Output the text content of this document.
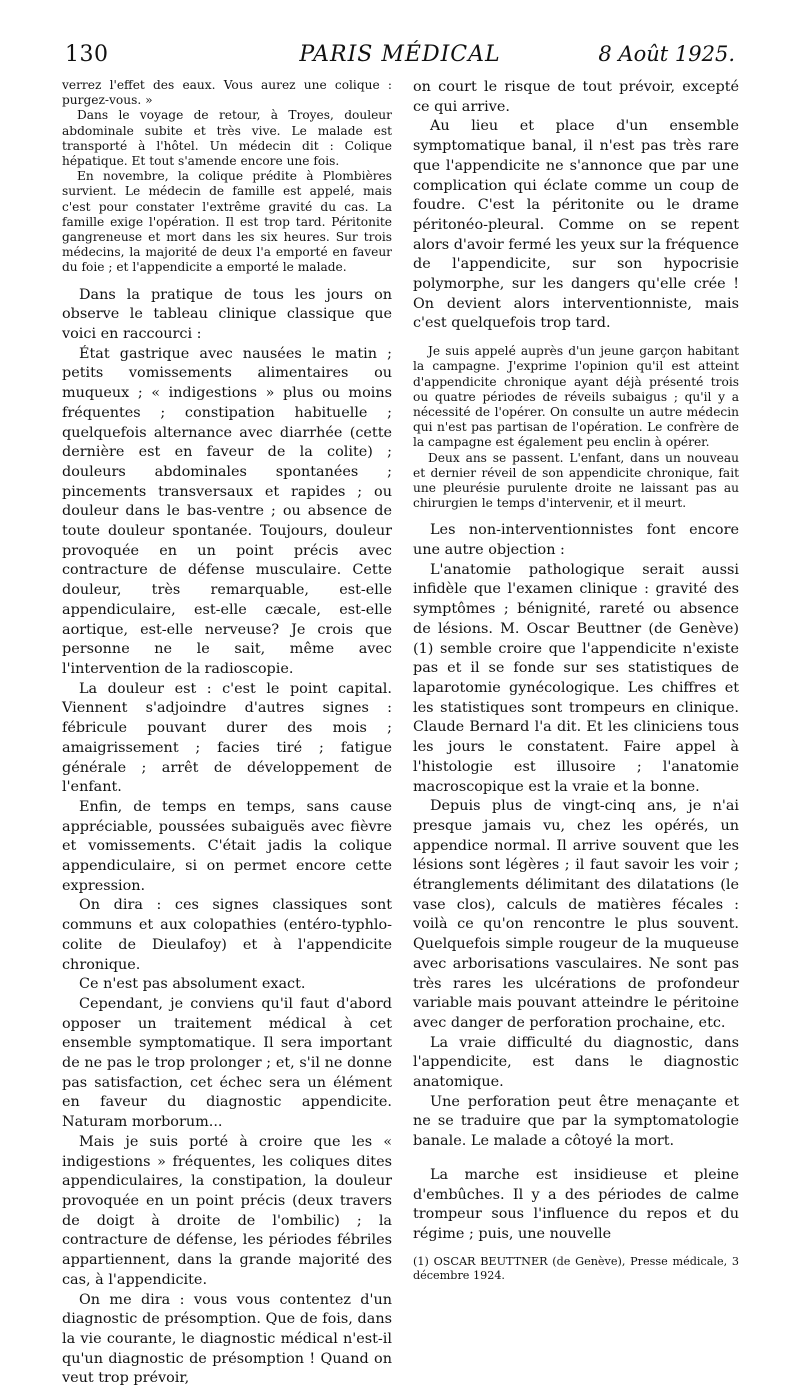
130	PARIS MÉDICAL	8 Août 1925.

verrez l'effet des eaux. Vous aurez une colique : purgez-vous. »

Dans le voyage de retour, à Troyes, douleur abdominale subite et très vive. Le malade est transporté à l'hôtel. Un médecin dit : Colique hépatique. Et tout s'amende encore une fois.

En novembre, la colique prédite à Plombières survient. Le médecin de famille est appelé, mais c'est pour constater l'extrême gravité du cas. La famille exige l'opération. Il est trop tard. Péritonite gangreneuse et mort dans les six heures. Sur trois médecins, la majorité de deux l'a emporté en faveur du foie ; et l'appendicite a emporté le malade.

Dans la pratique de tous les jours on observe le tableau clinique classique que voici en raccourci :

État gastrique avec nausées le matin ; petits vomissements alimentaires ou muqueux ; « indigestions » plus ou moins fréquentes ; constipation habituelle ; quelquefois alternance avec diarrhée (cette dernière est en faveur de la colite) ; douleurs abdominales spontanées ; pincements transversaux et rapides ; ou douleur dans le bas-ventre ; ou absence de toute douleur spontanée. Toujours, douleur provoquée en un point précis avec contracture de défense musculaire. Cette douleur, très remarquable, est-elle appendiculaire, est-elle cæcale, est-elle aortique, est-elle nerveuse? Je crois que personne ne le sait, même avec l'intervention de la radioscopie.

La douleur est : c'est le point capital. Viennent s'adjoindre d'autres signes : fébricule pouvant durer des mois ; amaigrissement ; facies tiré ; fatigue générale ; arrêt de développement de l'enfant.

Enfin, de temps en temps, sans cause appréciable, poussées subaiguës avec fièvre et vomissements. C'était jadis la colique appendiculaire, si on permet encore cette expression.

On dira : ces signes classiques sont communs et aux colopathies (entéro-typhlo-colite de Dieulafoy) et à l'appendicite chronique.

Ce n'est pas absolument exact.

Cependant, je conviens qu'il faut d'abord opposer un traitement médical à cet ensemble symptomatique. Il sera important de ne pas le trop prolonger ; et, s'il ne donne pas satisfaction, cet échec sera un élément en faveur du diagnostic appendicite. Naturam morborum...

Mais je suis porté à croire que les « indigestions » fréquentes, les coliques dites appendiculaires, la constipation, la douleur provoquée en un point précis (deux travers de doigt à droite de l'ombilic) ; la contracture de défense, les périodes fébriles appartiennent, dans la grande majorité des cas, à l'appendicite.

On me dira : vous vous contentez d'un diagnostic de présomption. Que de fois, dans la vie courante, le diagnostic médical n'est-il qu'un diagnostic de présomption ! Quand on veut trop prévoir,

on court le risque de tout prévoir, excepté ce qui arrive.

Au lieu et place d'un ensemble symptomatique banal, il n'est pas très rare que l'appendicite ne s'annonce que par une complication qui éclate comme un coup de foudre. C'est la péritonite ou le drame péritonéo-pleural. Comme on se repent alors d'avoir fermé les yeux sur la fréquence de l'appendicite, sur son hypocrisie polymorphe, sur les dangers qu'elle crée ! On devient alors interventionniste, mais c'est quelquefois trop tard.

Je suis appelé auprès d'un jeune garçon habitant la campagne. J'exprime l'opinion qu'il est atteint d'appendicite chronique ayant déjà présenté trois ou quatre périodes de réveils subaigus ; qu'il y a nécessité de l'opérer. On consulte un autre médecin qui n'est pas partisan de l'opération. Le confrère de la campagne est également peu enclin à opérer.

Deux ans se passent. L'enfant, dans un nouveau et dernier réveil de son appendicite chronique, fait une pleurésie purulente droite ne laissant pas au chirurgien le temps d'intervenir, et il meurt.

Les non-interventionnistes font encore une autre objection :

L'anatomie pathologique serait aussi infidèle que l'examen clinique : gravité des symptômes ; bénignité, rareté ou absence de lésions. M. Oscar Beuttner (de Genève) (1) semble croire que l'appendicite n'existe pas et il se fonde sur ses statistiques de laparotomie gynécologique. Les chiffres et les statistiques sont trompeurs en clinique. Claude Bernard l'a dit. Et les cliniciens tous les jours le constatent. Faire appel à l'histologie est illusoire ; l'anatomie macroscopique est la vraie et la bonne.

Depuis plus de vingt-cinq ans, je n'ai presque jamais vu, chez les opérés, un appendice normal. Il arrive souvent que les lésions sont légères ; il faut savoir les voir ; étranglements délimitant des dilatations (le vase clos), calculs de matières fécales : voilà ce qu'on rencontre le plus souvent. Quelquefois simple rougeur de la muqueuse avec arborisations vasculaires. Ne sont pas très rares les ulcérations de profondeur variable mais pouvant atteindre le péritoine avec danger de perforation prochaine, etc.

La vraie difficulté du diagnostic, dans l'appendicite, est dans le diagnostic anatomique.

Une perforation peut être menaçante et ne se traduire que par la symptomatologie banale. Le malade a côtoyé la mort.

La marche est insidieuse et pleine d'embûches. Il y a des périodes de calme trompeur sous l'influence du repos et du régime ; puis, une nouvelle

(1) OSCAR BEUTTNER (de Genève), Presse médicale, 3 décembre 1924.
